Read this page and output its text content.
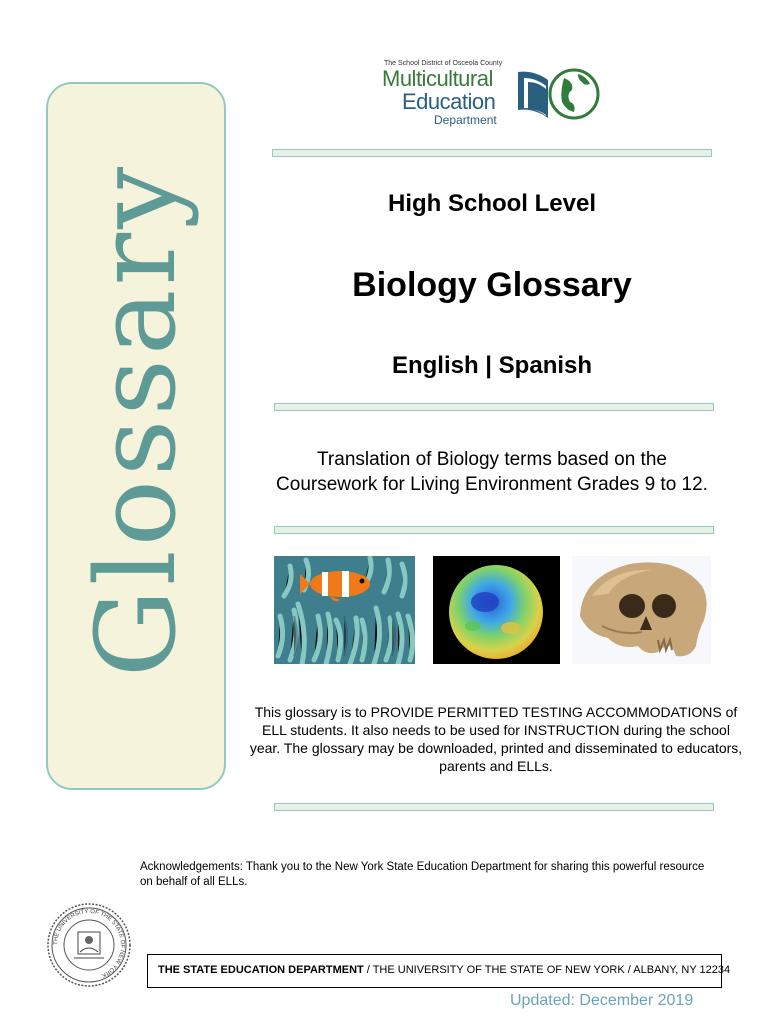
Glossary
The School District of Osceola County
Multicultural
Education
Department
High School Level
Biology Glossary
English | Spanish
Translation of Biology terms based on the
Coursework for Living Environment Grades 9 to 12.
This glossary is to PROVIDE PERMITTED TESTING ACCOMMODATIONS of ELL students. It also needs to be used for INSTRUCTION during the school year. The glossary may be downloaded, printed and disseminated to educators, parents and ELLs.
Acknowledgements: Thank you to the New York State Education Department for sharing this powerful resource on behalf of all ELLs.
THE UNIVERSITY OF THE STATE OF NEW YORK	THE STATE EDUCATION DEPARTMENT / THE UNIVERSITY OF THE STATE OF NEW YORK / ALBANY, NY 12234
Updated: December 2019
